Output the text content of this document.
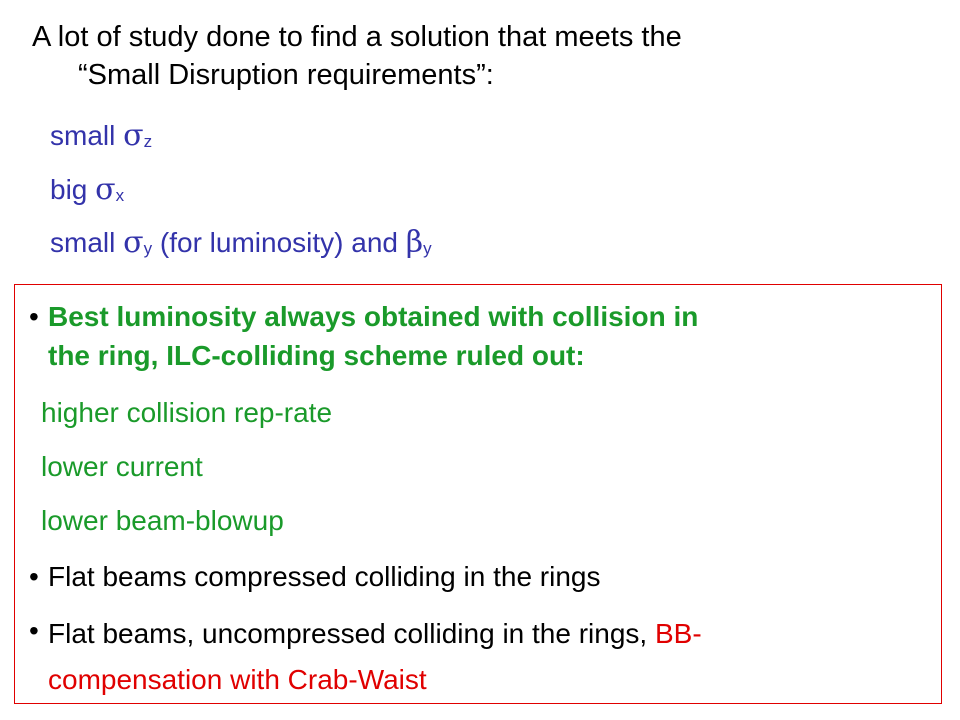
A lot of study done to find a solution that meets the
“Small Disruption requirements”:
small $\sigma_z$
big $\sigma_x$
small $\sigma_y$ (for luminosity) and $\beta_y$
• Best luminosity always obtained with collision in
the ring, ILC-colliding scheme ruled out:
higher collision rep-rate
lower current
lower beam-blowup
• Flat beams compressed colliding in the rings
• Flat beams, uncompressed colliding in the rings, BB-
compensation with Crab-Waist
